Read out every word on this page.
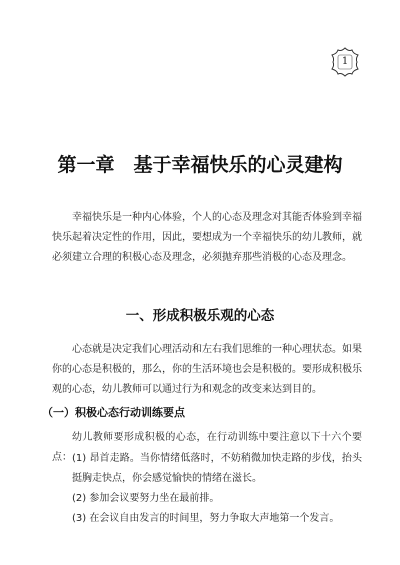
1
第一章　基于幸福快乐的心灵建构

幸福快乐是一种内心体验，个人的心态及理念对其能否体验到幸福快乐起着决定性的作用，因此，要想成为一个幸福快乐的幼儿教师，就必须建立合理的积极心态及理念，必须抛弃那些消极的心态及理念。

一、形成积极乐观的心态

心态就是决定我们心理活动和左右我们思维的一种心理状态。如果你的心态是积极的，那么，你的生活环境也会是积极的。要形成积极乐观的心态，幼儿教师可以通过行为和观念的改变来达到目的。

（一）积极心态行动训练要点

幼儿教师要形成积极的心态，在行动训练中要注意以下十六个要点： (1) 昂首走路。当你情绪低落时，不妨稍微加快走路的步伐，抬头挺胸走快点，你会感觉愉快的情绪在滋长。

(2) 参加会议要努力坐在最前排。

(3) 在会议自由发言的时间里，努力争取大声地第一个发言。
